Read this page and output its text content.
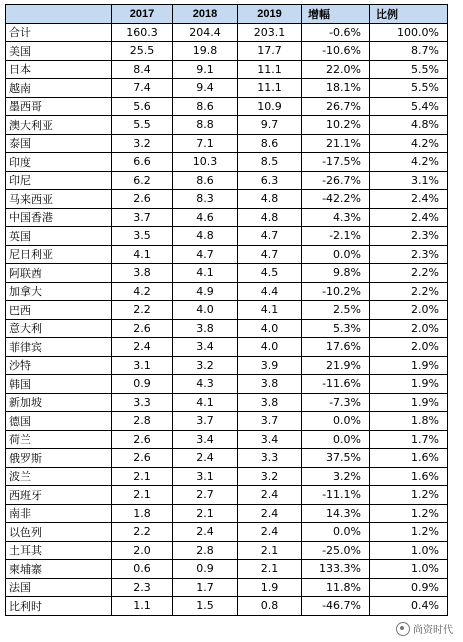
	2017	2018	2019	增幅	比例
合计	160.3	204.4	203.1	-0.6%	100.0%
美国	25.5	19.8	17.7	-10.6%	8.7%
日本	8.4	9.1	11.1	22.0%	5.5%
越南	7.4	9.4	11.1	18.1%	5.5%
墨西哥	5.6	8.6	10.9	26.7%	5.4%
澳大利亚	5.5	8.8	9.7	10.2%	4.8%
泰国	3.2	7.1	8.6	21.1%	4.2%
印度	6.6	10.3	8.5	-17.5%	4.2%
印尼	6.2	8.6	6.3	-26.7%	3.1%
马来西亚	2.6	8.3	4.8	-42.2%	2.4%
中国香港	3.7	4.6	4.8	4.3%	2.4%
英国	3.5	4.8	4.7	-2.1%	2.3%
尼日利亚	4.1	4.7	4.7	0.0%	2.3%
阿联酋	3.8	4.1	4.5	9.8%	2.2%
加拿大	4.2	4.9	4.4	-10.2%	2.2%
巴西	2.2	4.0	4.1	2.5%	2.0%
意大利	2.6	3.8	4.0	5.3%	2.0%
菲律宾	2.4	3.4	4.0	17.6%	2.0%
沙特	3.1	3.2	3.9	21.9%	1.9%
韩国	0.9	4.3	3.8	-11.6%	1.9%
新加坡	3.3	4.1	3.8	-7.3%	1.9%
德国	2.8	3.7	3.7	0.0%	1.8%
荷兰	2.6	3.4	3.4	0.0%	1.7%
俄罗斯	2.6	2.4	3.3	37.5%	1.6%
波兰	2.1	3.1	3.2	3.2%	1.6%
西班牙	2.1	2.7	2.4	-11.1%	1.2%
南非	1.8	2.1	2.4	14.3%	1.2%
以色列	2.2	2.4	2.4	0.0%	1.2%
土耳其	2.0	2.8	2.1	-25.0%	1.0%
柬埔寨	0.6	0.9	2.1	133.3%	1.0%
法国	2.3	1.7	1.9	11.8%	0.9%
比利时	1.1	1.5	0.8	-46.7%	0.4%
尚资时代
